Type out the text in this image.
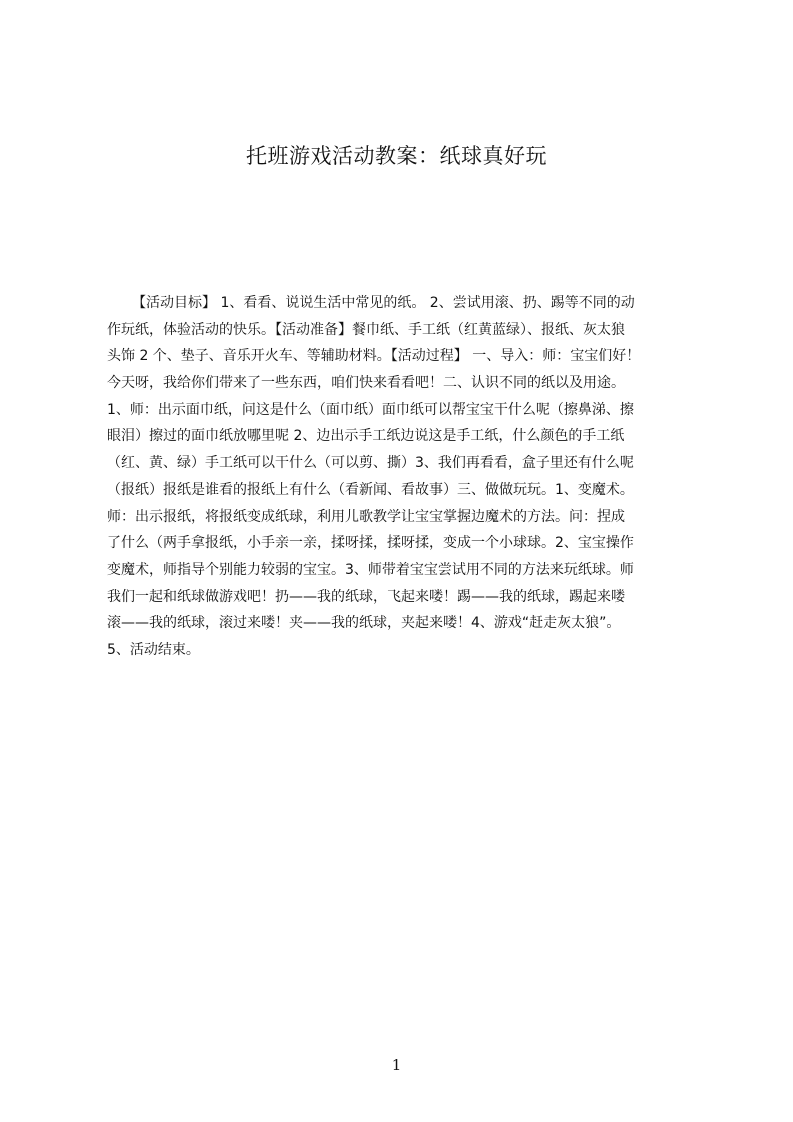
托班游戏活动教案：纸球真好玩
【活动目标】 1、看看、说说生活中常见的纸。 2、尝试用滚、扔、踢等不同的动
作玩纸，体验活动的快乐。【活动准备】餐巾纸、手工纸（红黄蓝绿）、报纸、灰太狼
头饰 2 个、垫子、音乐开火车、等辅助材料。【活动过程】 一、导入：师：宝宝们好！
今天呀，我给你们带来了一些东西，咱们快来看看吧！二、认识不同的纸以及用途。
1、师：出示面巾纸，问这是什么（面巾纸）面巾纸可以帮宝宝干什么呢（擦鼻涕、擦
眼泪）擦过的面巾纸放哪里呢 2、边出示手工纸边说这是手工纸，什么颜色的手工纸
（红、黄、绿）手工纸可以干什么（可以剪、撕）3、我们再看看，盒子里还有什么呢
（报纸）报纸是谁看的报纸上有什么（看新闻、看故事）三、做做玩玩。1、变魔术。
师：出示报纸，将报纸变成纸球，利用儿歌教学让宝宝掌握边魔术的方法。问：捏成
了什么（两手拿报纸，小手亲一亲，揉呀揉，揉呀揉，变成一个小球球。2、宝宝操作
变魔术，师指导个别能力较弱的宝宝。3、师带着宝宝尝试用不同的方法来玩纸球。师
我们一起和纸球做游戏吧！扔——我的纸球，飞起来喽！踢——我的纸球，踢起来喽
滚——我的纸球，滚过来喽！夹——我的纸球，夹起来喽！4、游戏“赶走灰太狼”。
5、活动结束。
1
